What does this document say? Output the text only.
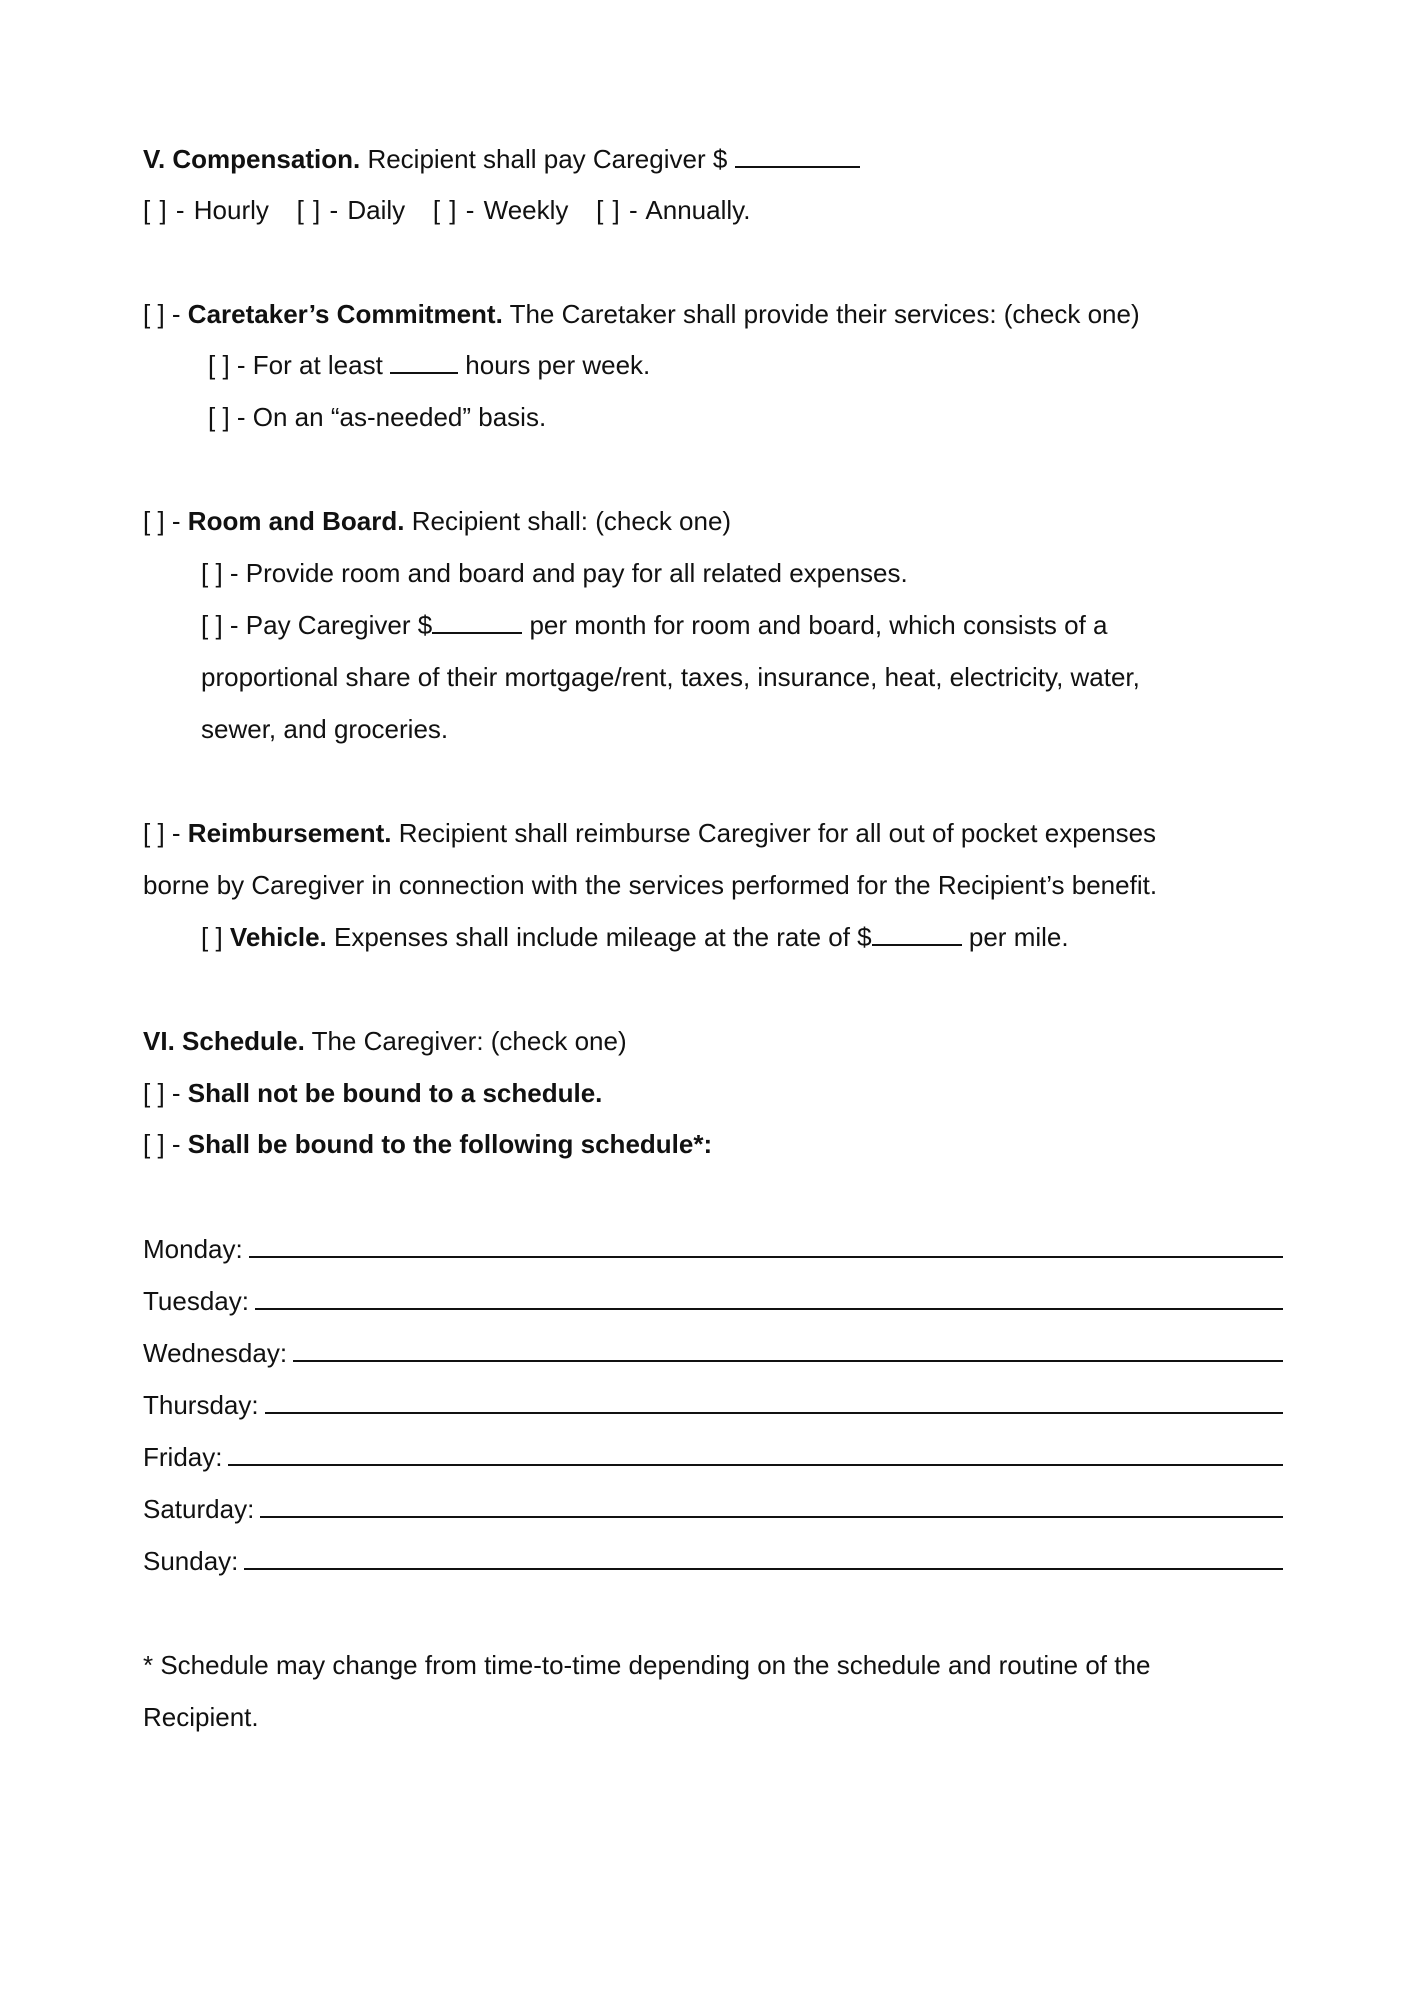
V. Compensation. Recipient shall pay Caregiver $
[ ] - Hourly [ ] - Daily [ ] - Weekly [ ] - Annually.
[ ] - Caretaker’s Commitment. The Caretaker shall provide their services: (check one)
[ ] - For at least	hours per week.
[ ] - On an “as-needed” basis.
[ ] - Room and Board. Recipient shall: (check one)
[ ] - Provide room and board and pay for all related expenses.
[ ] - Pay Caregiver $	per month for room and board, which consists of a
proportional share of their mortgage/rent, taxes, insurance, heat, electricity, water,
sewer, and groceries.
[ ] - Reimbursement. Recipient shall reimburse Caregiver for all out of pocket expenses
borne by Caregiver in connection with the services performed for the Recipient’s benefit.
[ ] Vehicle. Expenses shall include mileage at the rate of $	per mile.
VI. Schedule. The Caregiver: (check one)
[ ] - Shall not be bound to a schedule.
[ ] - Shall be bound to the following schedule*:
Monday:
Tuesday:
Wednesday:
Thursday:
Friday:
Saturday:
Sunday:
* Schedule may change from time-to-time depending on the schedule and routine of the
Recipient.
